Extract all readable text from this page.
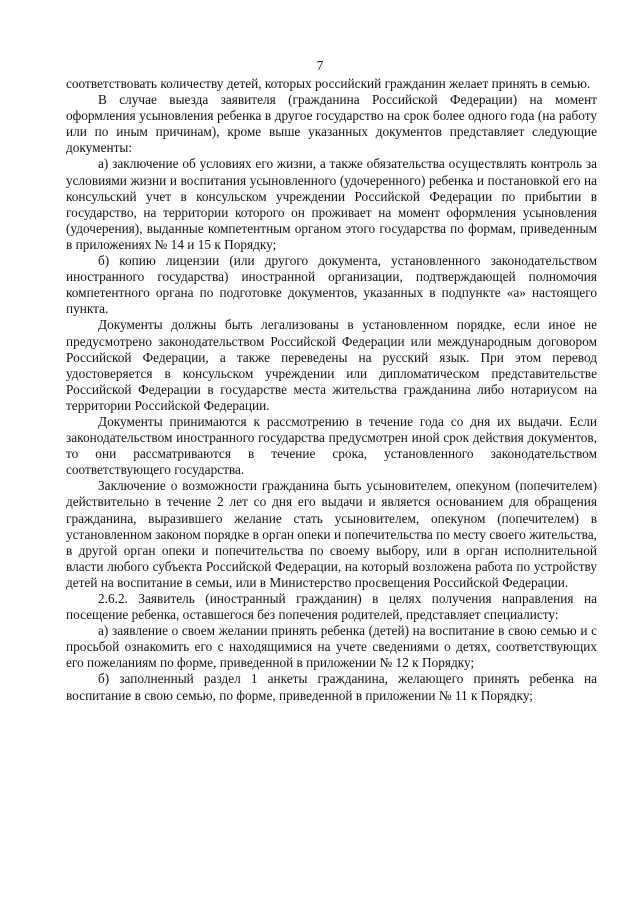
7

соответствовать количеству детей, которых российский гражданин желает принять в семью.

В случае выезда заявителя (гражданина Российской Федерации) на момент оформления усыновления ребенка в другое государство на срок более одного года (на работу или по иным причинам), кроме выше указанных документов представляет следующие документы:

а) заключение об условиях его жизни, а также обязательства осуществлять контроль за условиями жизни и воспитания усыновленного (удочеренного) ребенка и постановкой его на консульский учет в консульском учреждении Российской Федерации по прибытии в государство, на территории которого он проживает на момент оформления усыновления (удочерения), выданные компетентным органом этого государства по формам, приведенным в приложениях № 14 и 15 к Порядку;

б) копию лицензии (или другого документа, установленного законодательством иностранного государства) иностранной организации, подтверждающей полномочия компетентного органа по подготовке документов, указанных в подпункте «а» настоящего пункта.

Документы должны быть легализованы в установленном порядке, если иное не предусмотрено законодательством Российской Федерации или международным договором Российской Федерации, а также переведены на русский язык. При этом перевод удостоверяется в консульском учреждении или дипломатическом представительстве Российской Федерации в государстве места жительства гражданина либо нотариусом на территории Российской Федерации.

Документы принимаются к рассмотрению в течение года со дня их выдачи. Если законодательством иностранного государства предусмотрен иной срок действия документов, то они рассматриваются в течение срока, установленного законодательством соответствующего государства.

Заключение о возможности гражданина быть усыновителем, опекуном (попечителем) действительно в течение 2 лет со дня его выдачи и является основанием для обращения гражданина, выразившего желание стать усыновителем, опекуном (попечителем) в установленном законом порядке в орган опеки и попечительства по месту своего жительства, в другой орган опеки и попечительства по своему выбору, или в орган исполнительной власти любого субъекта Российской Федерации, на который возложена работа по устройству детей на воспитание в семьи, или в Министерство просвещения Российской Федерации.

2.6.2. Заявитель (иностранный гражданин) в целях получения направления на посещение ребенка, оставшегося без попечения родителей, представляет специалисту:

а) заявление о своем желании принять ребенка (детей) на воспитание в свою семью и с просьбой ознакомить его с находящимися на учете сведениями о детях, соответствующих его пожеланиям по форме, приведенной в приложении № 12 к Порядку;

б) заполненный раздел 1 анкеты гражданина, желающего принять ребенка на воспитание в свою семью, по форме, приведенной в приложении № 11 к Порядку;
